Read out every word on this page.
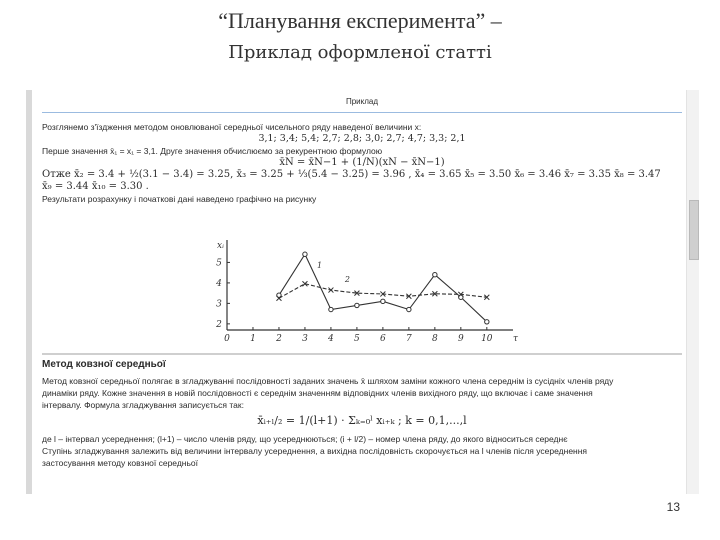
“Планування експеримента” –
Приклад оформленої статті
Приклад
Розглянемо з'їздження методом оновлюваної середньої чисельного ряду наведеної величини x:
3,1; 3,4; 5,4; 2,7; 2,8; 3,0; 2,7; 4,7; 3,3; 2,1
Перше значення x̄₁ = x₁ = 3,1. Друге значення обчислюємо за рекурентною формулою
x̄N = x̄N−1 + (1/N)(xN − x̄N−1)
Отже x̄₂ = 3.4 + ½(3.1 − 3.4) = 3.25, x̄₃ = 3.25 + ⅓(5.4 − 3.25) = 3.96 , x̄₄ = 3.65 x̄₅ = 3.50 x̄₆ = 3.46 x̄₇ = 3.35 x̄₈ = 3.47
x̄₉ = 3.44 x̄₁₀ = 3.30 .
Результати розрахунку і початкові дані наведено графічно на рисунку
Метод ковзної середньої
Метод ковзної середньої полягає в згладжуванні послідовності заданих значень x̄ шляхом заміни кожного члена середнім із сусідніх членів ряду
динаміки ряду. Кожне значення в новій послідовності є середнім значенням відповідних членів вихідного ряду, що включає і саме значення
інтервалу. Формула згладжування записується так:
x̄ᵢ₊ₗ/₂ = 1/(l+1) · Σₖ₌₀ˡ xᵢ₊ₖ ; k = 0,1,...,l
де l – інтервал усереднення; (l+1) – число членів ряду, що усереднюються; (i + l/2) – номер члена ряду, до якого відноситься середнє
Ступінь згладжування залежить від величини інтервалу усереднення, а вихідна послідовність скорочується на l членів після усереднення
застосування методу ковзної середньої
0 1 2 3 4 5 6 7 8 9 10
2
3
4
5
xᵢ
τ
1
2
13
